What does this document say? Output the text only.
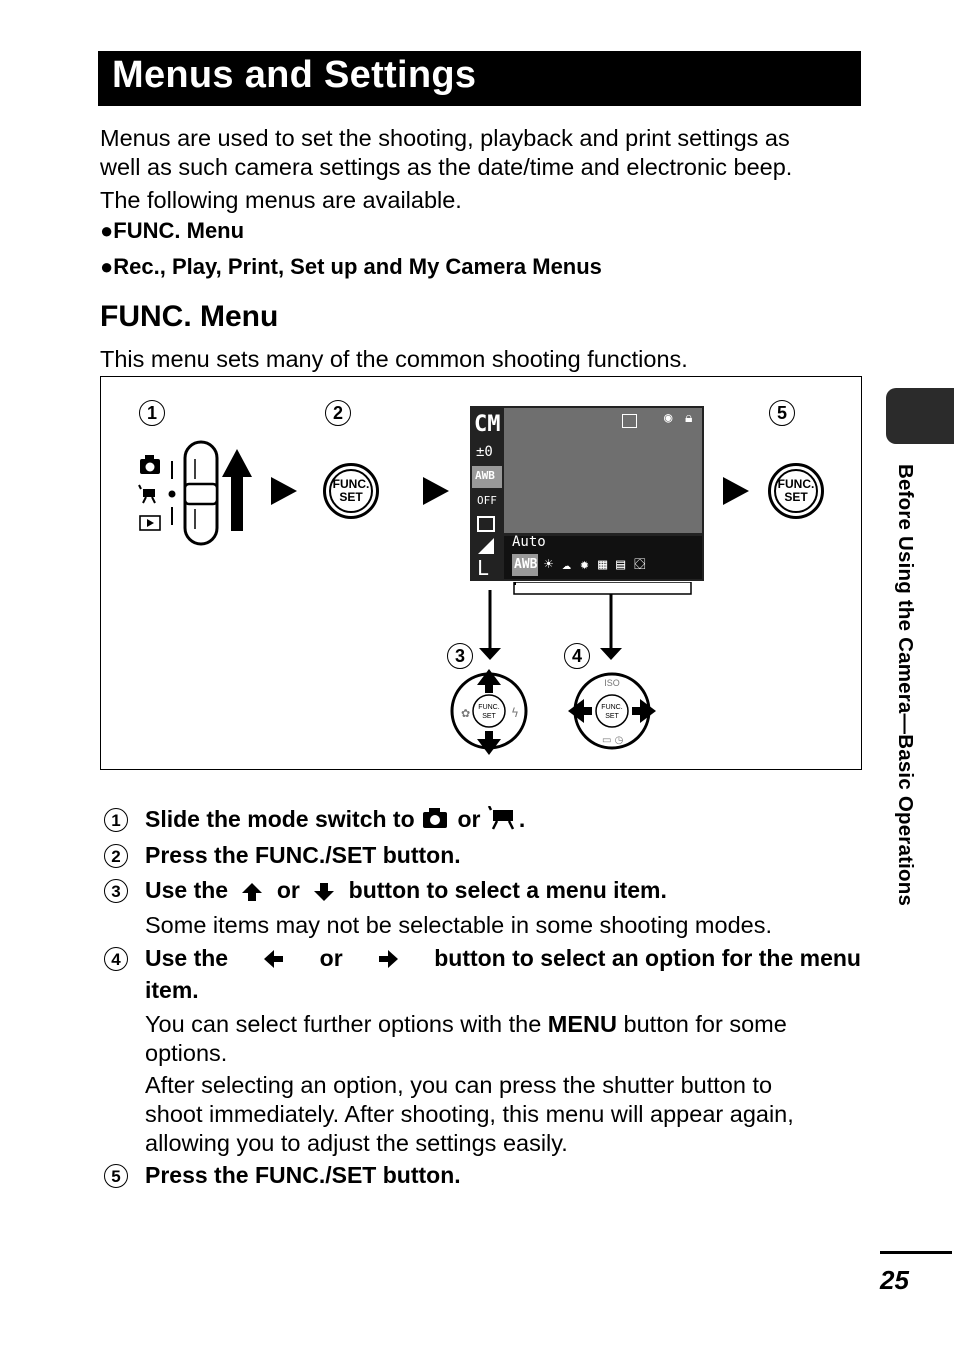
Menus and Settings
Menus are used to set the shooting, playback and print settings as
well as such camera settings as the date/time and electronic beep.
The following menus are available.
●FUNC. Menu
●Rec., Play, Print, Set up and My Camera Menus
FUNC. Menu
This menu sets many of the common shooting functions.
1	2
3	4
5
FUNC.
SET
FUNC.
SET
FUNC.
SET
✿	ϟ	FUNC.
SET
ISO
▭ ◷
CM
±0
AWB
OFF
L
◉ 🔒︎
Auto
AWB ☀☁✹▦▤⛋
1	Slide the mode switch to or .
2	Press the FUNC./SET button.
3	Use the or button to select a menu item.
Some items may not be selectable in some shooting modes.
4	Use the	or	button to select an option for the menu
item.
You can select further options with the MENU button for some
options.
After selecting an option, you can press the shutter button to
shoot immediately. After shooting, this menu will appear again,
allowing you to adjust the settings easily.
5	Press the FUNC./SET button.
Before Using the Camera—Basic Operations
25
